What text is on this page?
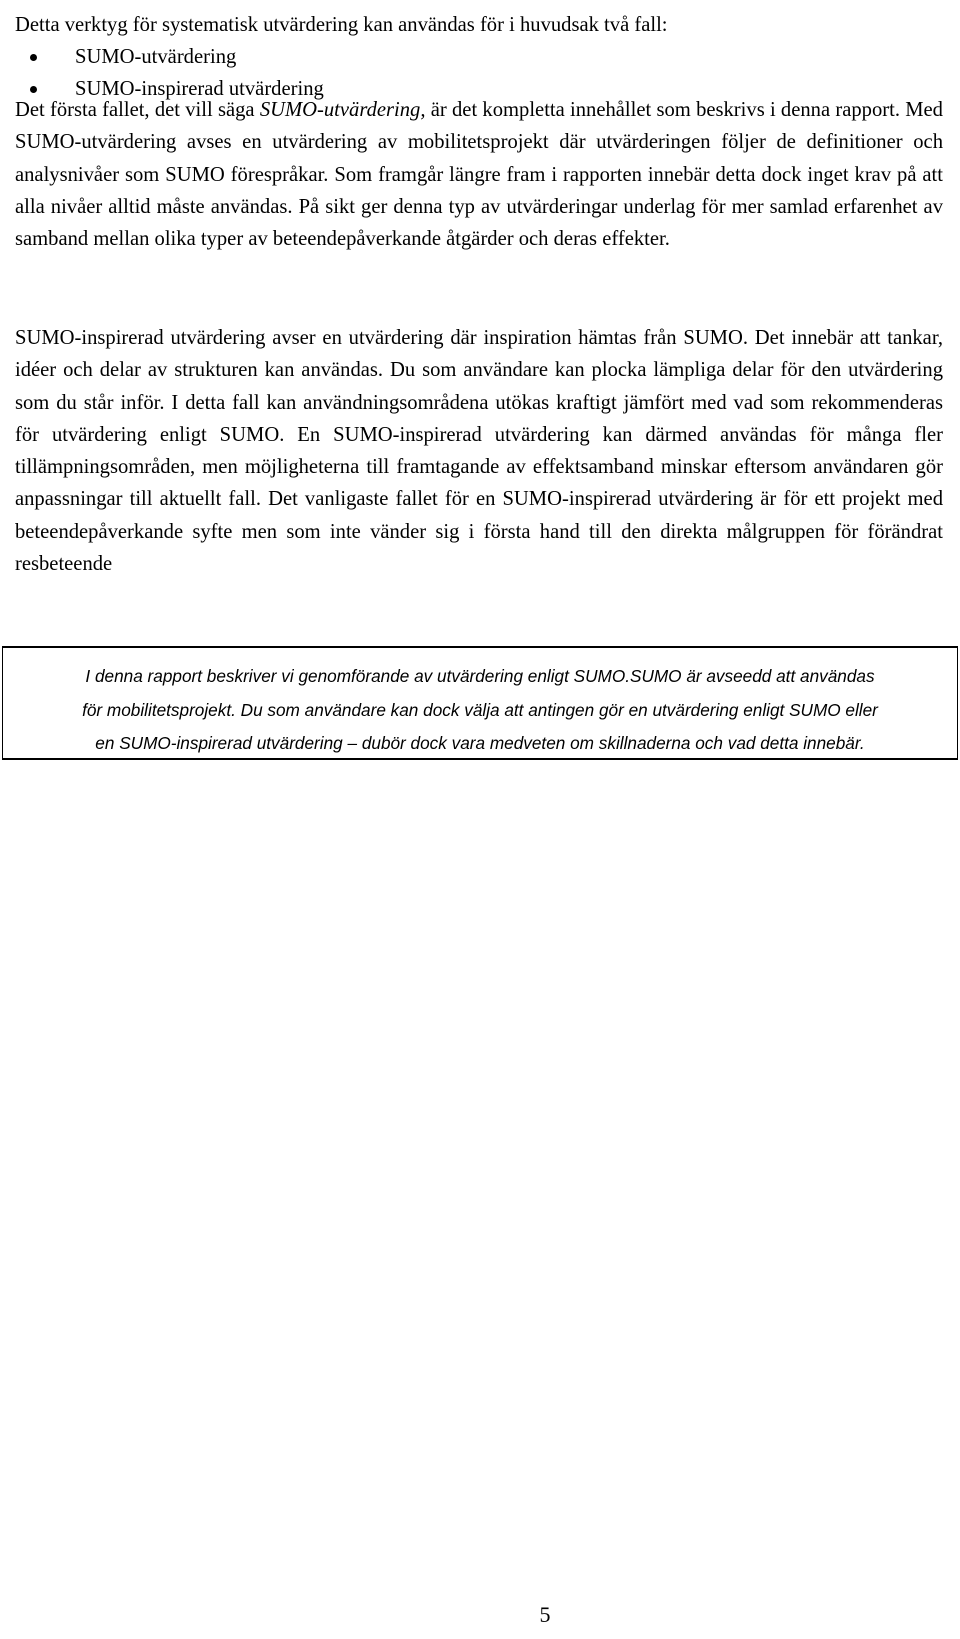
Detta verktyg för systematisk utvärdering kan användas för i huvudsak två fall:

SUMO-utvärdering
SUMO-inspirerad utvärdering

Det första fallet, det vill säga SUMO-utvärdering, är det kompletta innehållet som beskrivs i denna rapport. Med SUMO-utvärdering avses en utvärdering av mobilitetsprojekt där utvärderingen följer de definitioner och analysnivåer som SUMO förespråkar. Som framgår längre fram i rapporten innebär detta dock inget krav på att alla nivåer alltid måste användas. På sikt ger denna typ av utvärderingar underlag för mer samlad erfarenhet av samband mellan olika typer av beteendepåverkande åtgärder och deras effekter.

SUMO-inspirerad utvärdering avser en utvärdering där inspiration hämtas från SUMO. Det innebär att tankar, idéer och delar av strukturen kan användas. Du som användare kan plocka lämpliga delar för den utvärdering som du står inför. I detta fall kan användningsområdena utökas kraftigt jämfört med vad som rekommenderas för utvärdering enligt SUMO. En SUMO-inspirerad utvärdering kan därmed användas för många fler tillämpningsområden, men möjligheterna till framtagande av effektsamband minskar eftersom användaren gör anpassningar till aktuellt fall. Det vanligaste fallet för en SUMO-inspirerad utvärdering är för ett projekt med beteendepåverkande syfte men som inte vänder sig i första hand till den direkta målgruppen för förändrat resbeteende

I denna rapport beskriver vi genomförande av utvärdering enligt SUMO.SUMO är avseedd att användas
för mobilitetsprojekt. Du som användare kan dock välja att antingen gör en utvärdering enligt SUMO eller
en SUMO-inspirerad utvärdering – dubör dock vara medveten om skillnaderna och vad detta innebär.

5
